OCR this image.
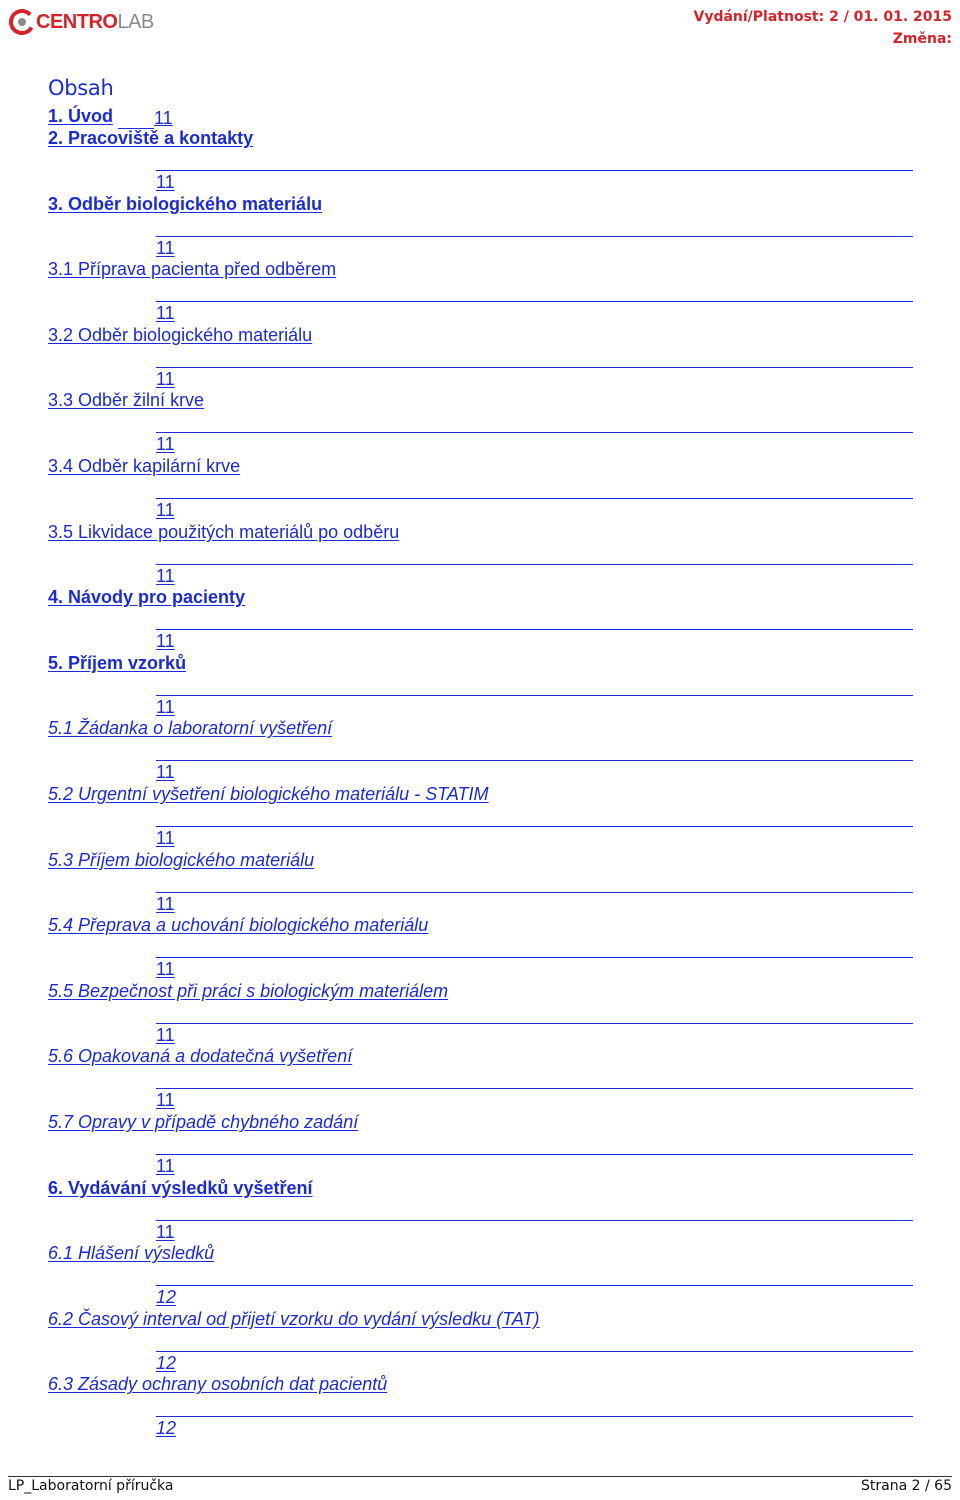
CENTROLAB	Vydání/Platnost: 2 / 01. 01. 2015
Změna:
Obsah
1. Úvod 11
2. Pracoviště a kontakty
11
3. Odběr biologického materiálu
11
3.1 Příprava pacienta před odběrem
11
3.2 Odběr biologického materiálu
11
3.3 Odběr žilní krve
11
3.4 Odběr kapilární krve
11
3.5 Likvidace použitých materiálů po odběru
11
4. Návody pro pacienty
11
5. Příjem vzorků
11
5.1 Žádanka o laboratorní vyšetření
11
5.2 Urgentní vyšetření biologického materiálu - STATIM
11
5.3 Příjem biologického materiálu
11
5.4 Přeprava a uchování biologického materiálu
11
5.5 Bezpečnost při práci s biologickým materiálem
11
5.6 Opakovaná a dodatečná vyšetření
11
5.7 Opravy v případě chybného zadání
11
6. Vydávání výsledků vyšetření
11
6.1 Hlášení výsledků
12
6.2 Časový interval od přijetí vzorku do vydání výsledku (TAT)
12
6.3 Zásady ochrany osobních dat pacientů
12
LP_Laboratorní příručka	Strana 2 / 65
